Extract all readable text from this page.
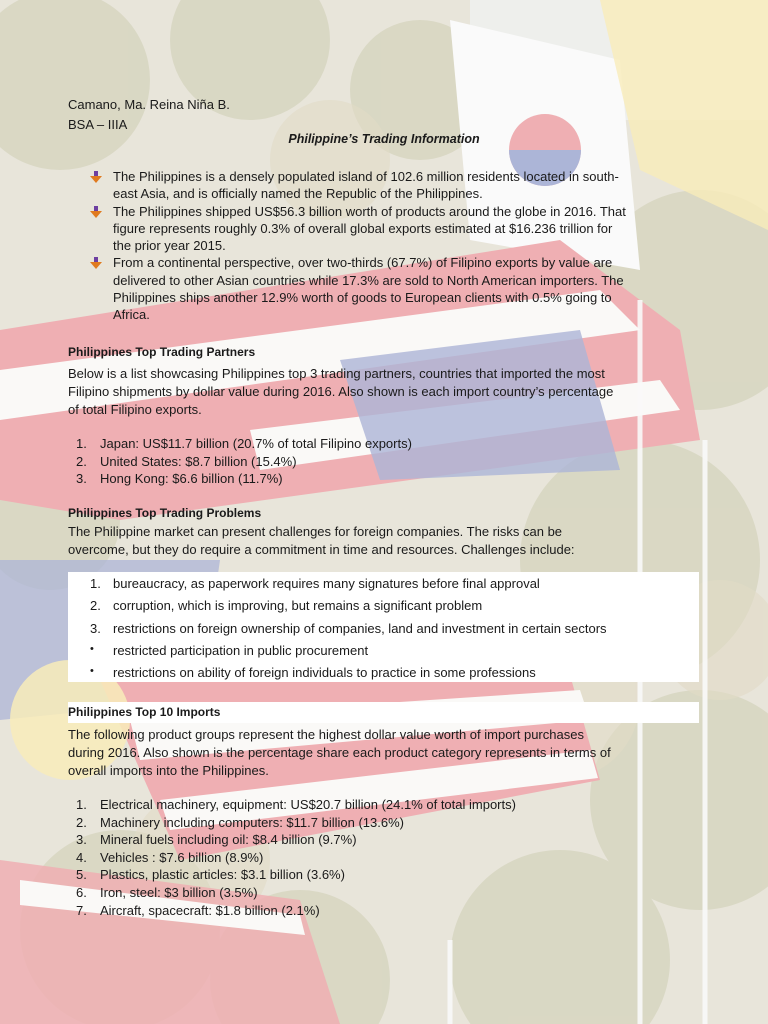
Camano, Ma. Reina Niña B.
BSA – IIIA
Philippine’s Trading Information
The Philippines is a densely populated island of 102.6 million residents located in south-
east Asia, and is officially named the Republic of the Philippines.
The Philippines shipped US$56.3 billion worth of products around the globe in 2016. That
figure represents roughly 0.3% of overall global exports estimated at $16.236 trillion for
the prior year 2015.
From a continental perspective, over two-thirds (67.7%) of Filipino exports by value are
delivered to other Asian countries while 17.3% are sold to North American importers. The
Philippines ships another 12.9% worth of goods to European clients with 0.5% going to
Africa.
Philippines Top Trading Partners
Below is a list showcasing Philippines top 3 trading partners, countries that imported the most
Filipino shipments by dollar value during 2016. Also shown is each import country’s percentage
of total Filipino exports.
1.	Japan: US$11.7 billion (20.7% of total Filipino exports)
2.	United States: $8.7 billion (15.4%)
3.	Hong Kong: $6.6 billion (11.7%)
Philippines Top Trading Problems
The Philippine market can present challenges for foreign companies. The risks can be
overcome, but they do require a commitment in time and resources. Challenges include:
1. bureaucracy, as paperwork requires many signatures before final approval
2. corruption, which is improving, but remains a significant problem
3. restrictions on foreign ownership of companies, land and investment in certain sectors
•	restricted participation in public procurement
•	restrictions on ability of foreign individuals to practice in some professions
Philippines Top 10 Imports
The following product groups represent the highest dollar value worth of import purchases
during 2016. Also shown is the percentage share each product category represents in terms of
overall imports into the Philippines.
1.	Electrical machinery, equipment: US$20.7 billion (24.1% of total imports)
2.	Machinery including computers: $11.7 billion (13.6%)
3.	Mineral fuels including oil: $8.4 billion (9.7%)
4.	Vehicles : $7.6 billion (8.9%)
5.	Plastics, plastic articles: $3.1 billion (3.6%)
6.	Iron, steel: $3 billion (3.5%)
7.	Aircraft, spacecraft: $1.8 billion (2.1%)
